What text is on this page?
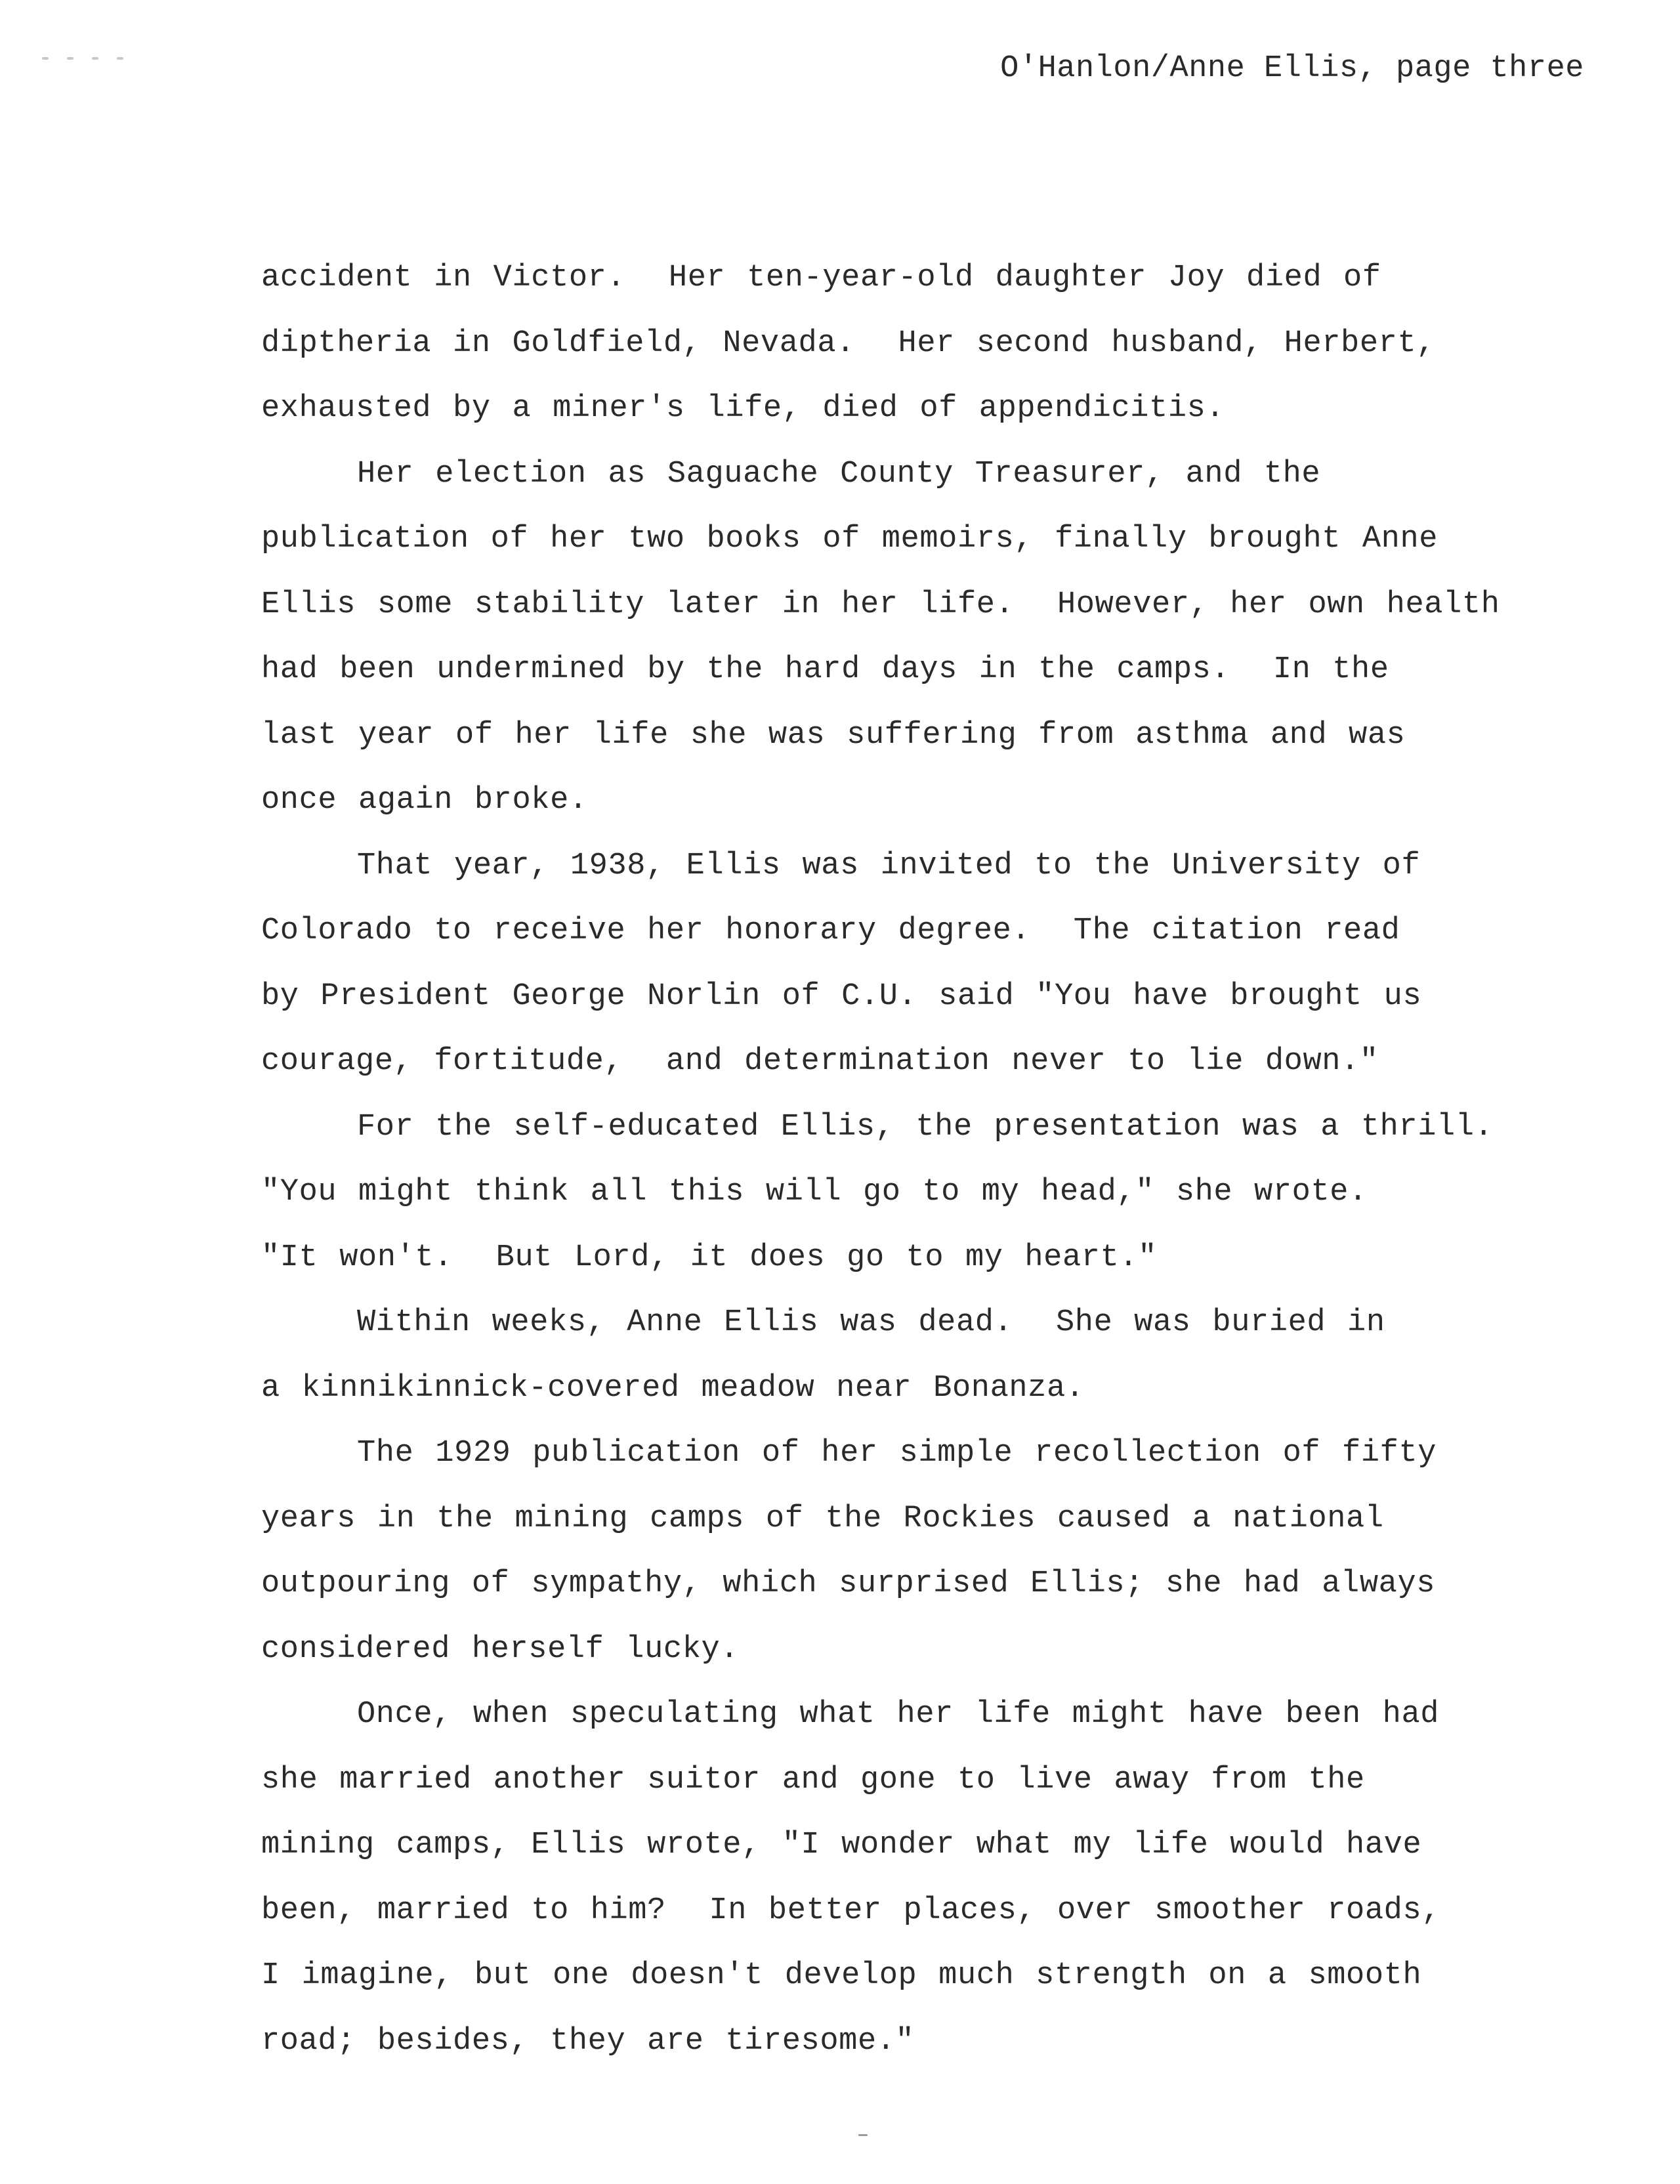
O'Hanlon/Anne Ellis, page three
accident in Victor.  Her ten-year-old daughter Joy died of
diptheria in Goldfield, Nevada.  Her second husband, Herbert,
exhausted by a miner's life, died of appendicitis.
Her election as Saguache County Treasurer, and the
publication of her two books of memoirs, finally brought Anne
Ellis some stability later in her life.  However, her own health
had been undermined by the hard days in the camps.  In the
last year of her life she was suffering from asthma and was
once again broke.
That year, 1938, Ellis was invited to the University of
Colorado to receive her honorary degree.  The citation read
by President George Norlin of C.U. said "You have brought us
courage, fortitude,  and determination never to lie down."
For the self-educated Ellis, the presentation was a thrill.
"You might think all this will go to my head," she wrote.
"It won't.  But Lord, it does go to my heart."
Within weeks, Anne Ellis was dead.  She was buried in
a kinnikinnick-covered meadow near Bonanza.
The 1929 publication of her simple recollection of fifty
years in the mining camps of the Rockies caused a national
outpouring of sympathy, which surprised Ellis; she had always
considered herself lucky.
Once, when speculating what her life might have been had
she married another suitor and gone to live away from the
mining camps, Ellis wrote, "I wonder what my life would have
been, married to him?  In better places, over smoother roads,
I imagine, but one doesn't develop much strength on a smooth
road; besides, they are tiresome."
